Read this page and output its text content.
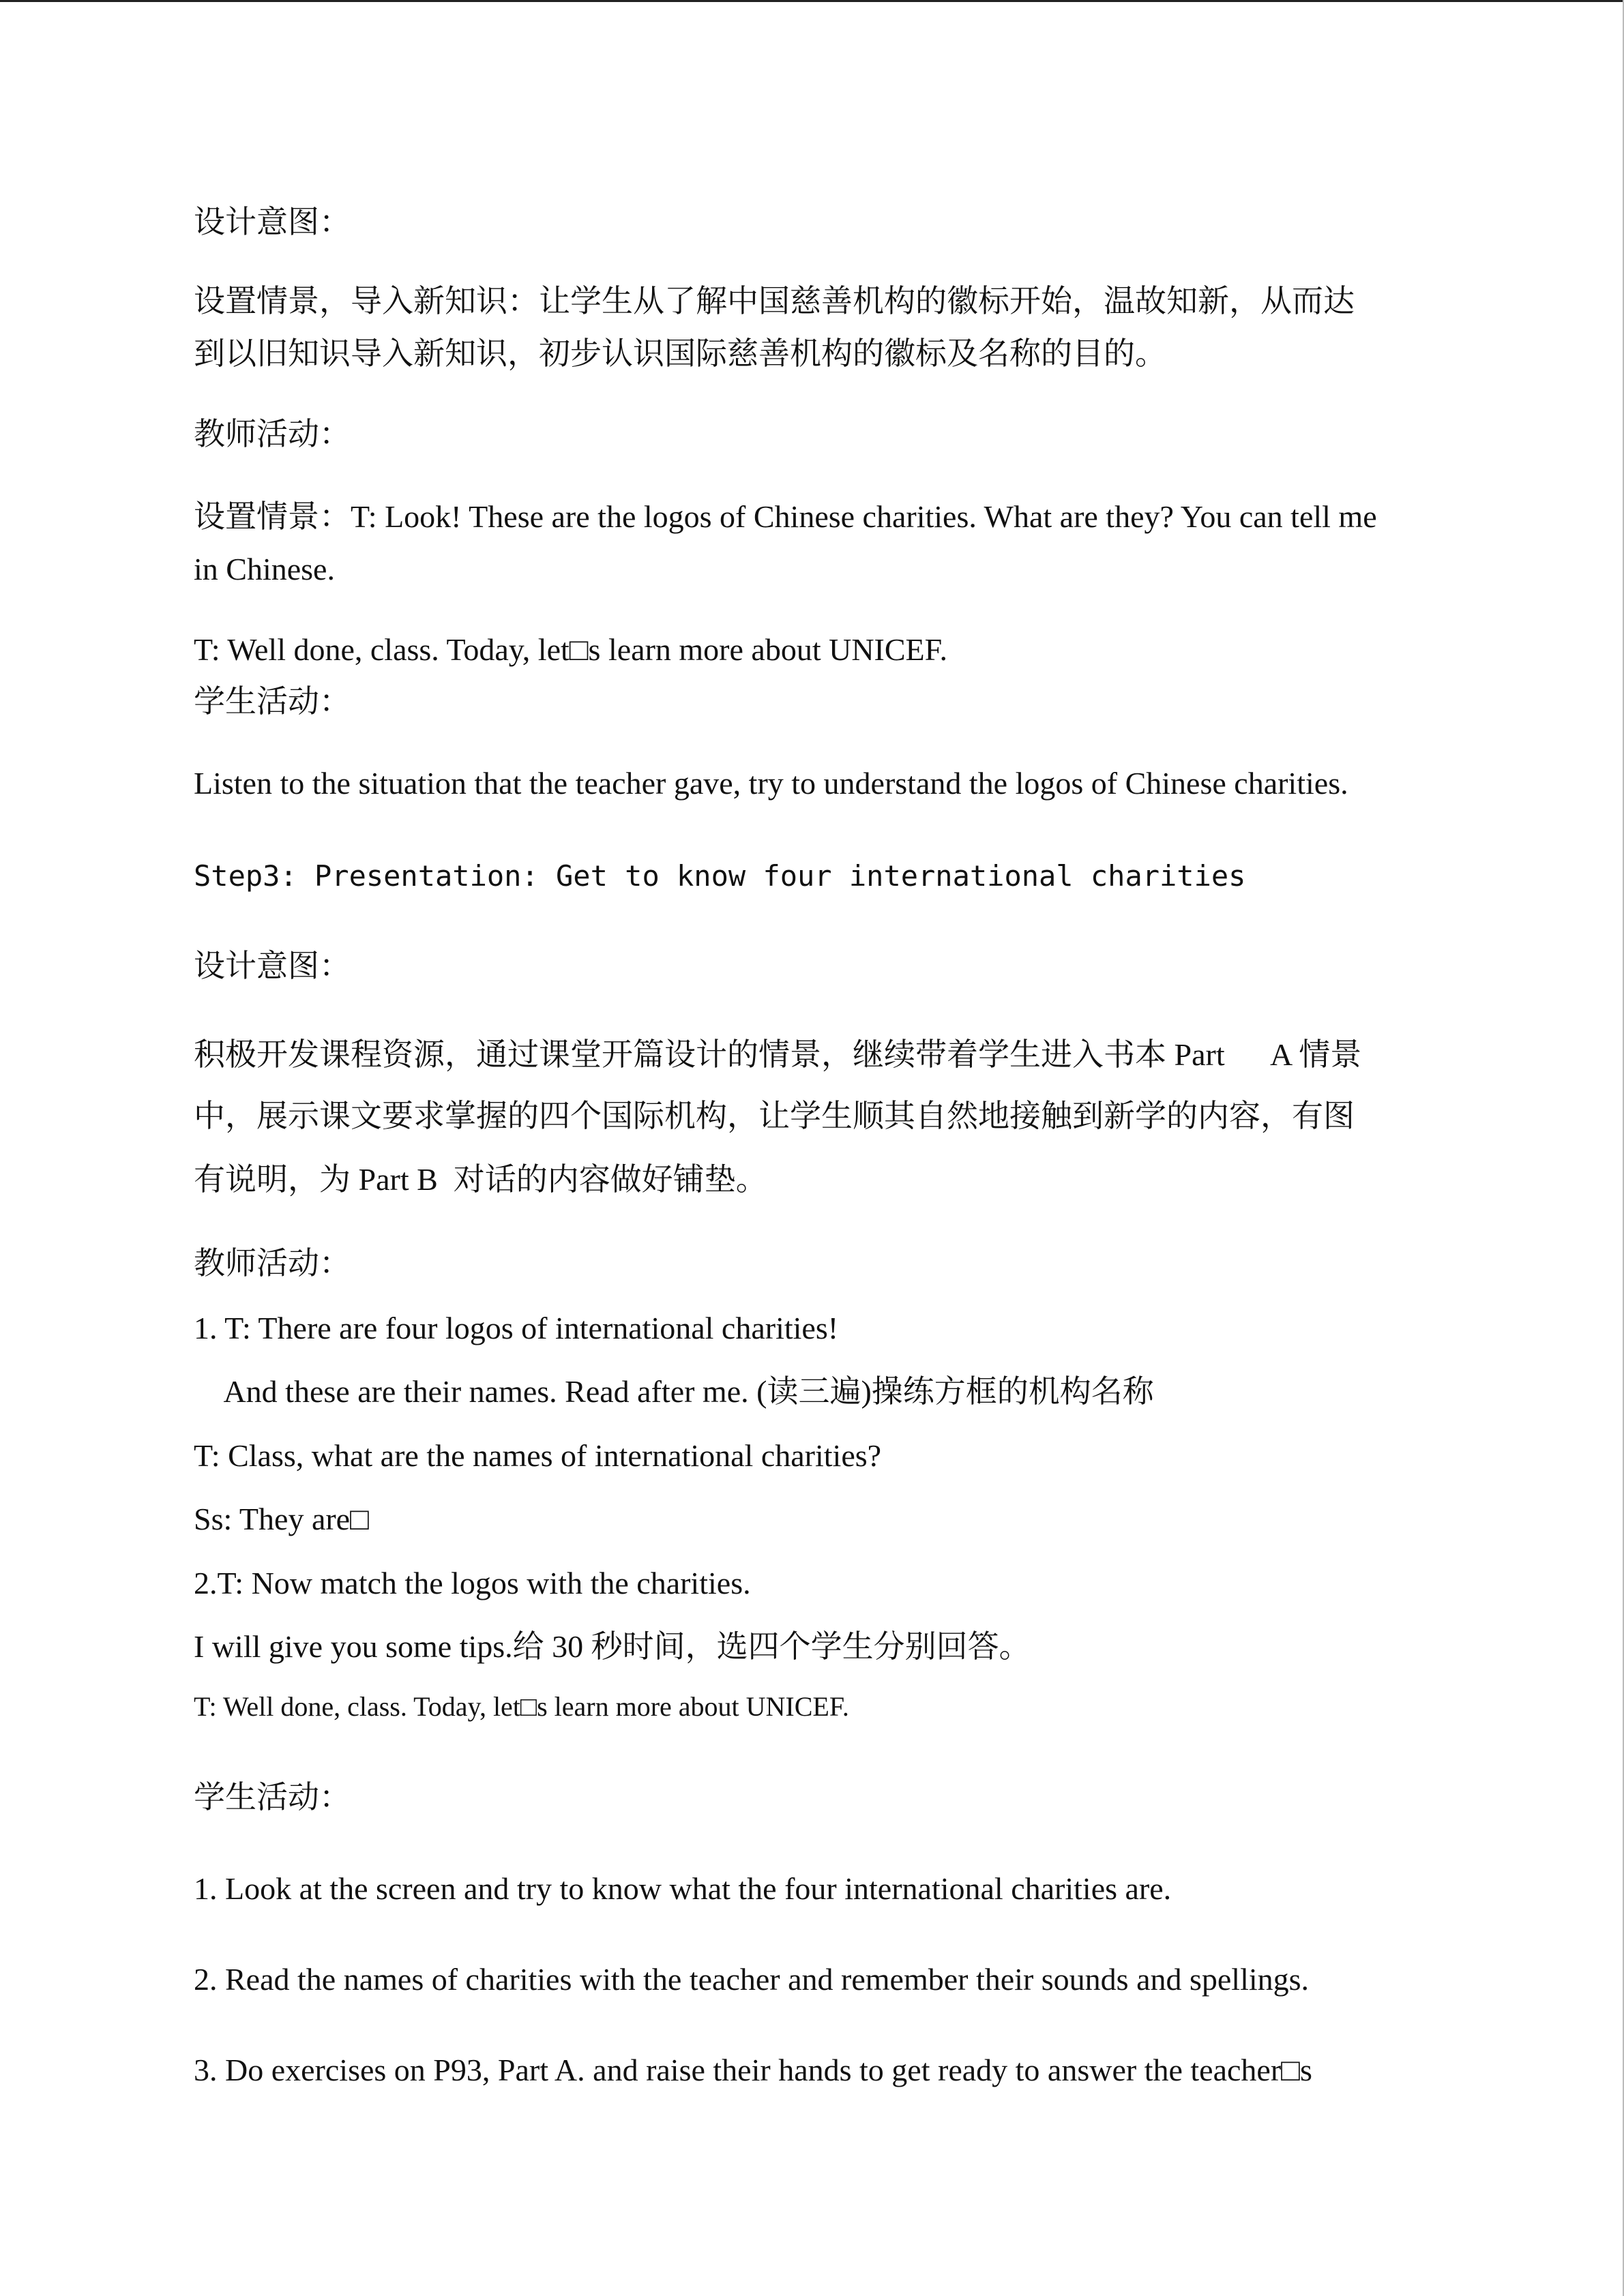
设计意图：
设置情景，导入新知识：让学生从了解中国慈善机构的徽标开始，温故知新，从而达
到以旧知识导入新知识，初步认识国际慈善机构的徽标及名称的目的。
教师活动：
设置情景：T: Look! These are the logos of Chinese charities. What are they? You can tell me
in Chinese.
T: Well done, class. Today, let□s learn more about UNICEF.
学生活动：
Listen to the situation that the teacher gave, try to understand the logos of Chinese charities.
Step3: Presentation: Get to know four international charities
设计意图：
积极开发课程资源，通过课堂开篇设计的情景，继续带着学生进入书本 Part      A 情景
中，展示课文要求掌握的四个国际机构，让学生顺其自然地接触到新学的内容，有图
有说明，为 Part B  对话的内容做好铺垫。
教师活动：
1. T: There are four logos of international charities!
And these are their names. Read after me. (读三遍)操练方框的机构名称
T: Class, what are the names of international charities?
Ss: They are□
2.T: Now match the logos with the charities.
I will give you some tips.给 30 秒时间，选四个学生分别回答。
T: Well done, class. Today, let□s learn more about UNICEF.
学生活动：
1. Look at the screen and try to know what the four international charities are.
2. Read the names of charities with the teacher and remember their sounds and spellings.
3. Do exercises on P93, Part A. and raise their hands to get ready to answer the teacher□s
